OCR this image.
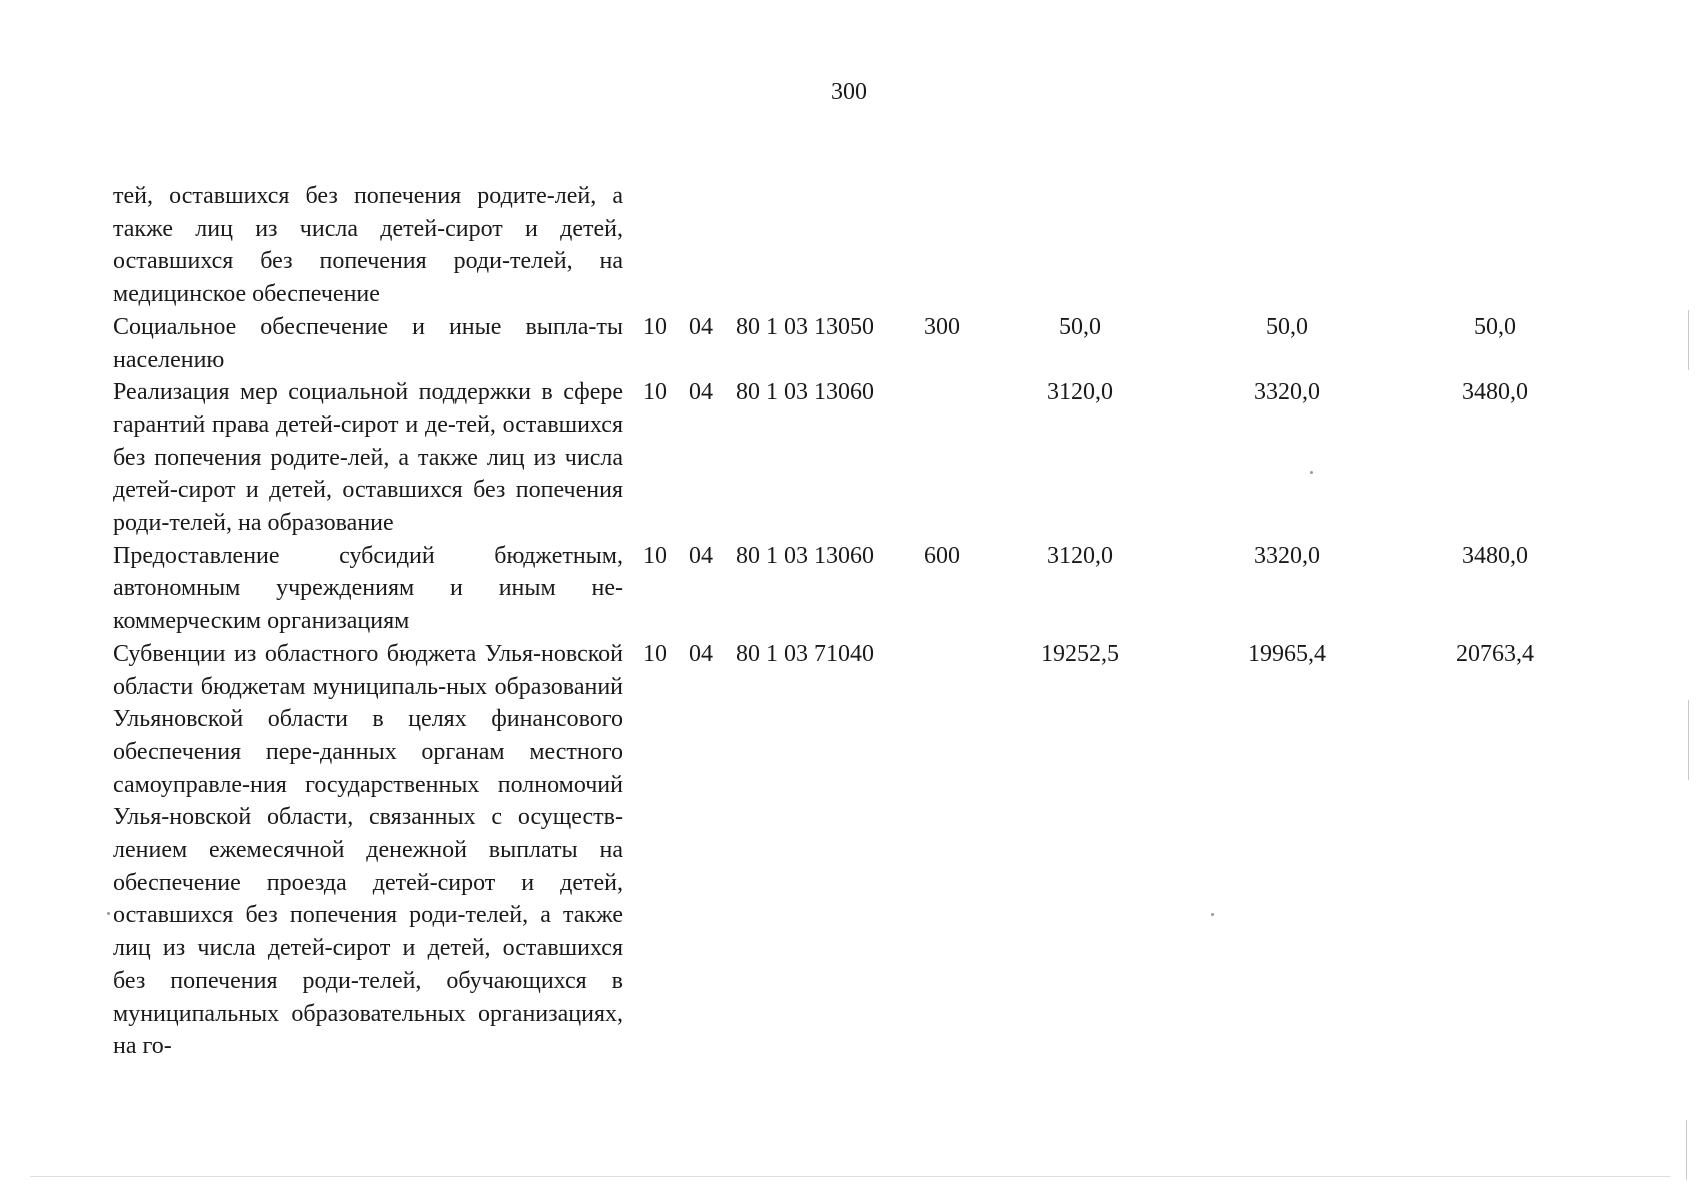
300
тей, оставшихся без попечения родите-лей, а также лиц из числа детей-сирот и детей, оставшихся без попечения роди-телей, на медицинское обеспечение
Социальное обеспечение и иные выпла-ты населению
10 04 80 1 03 13050 300	50,0	50,0	50,0
Реализация мер социальной поддержки в сфере гарантий права детей-сирот и де-тей, оставшихся без попечения родите-лей, а также лиц из числа детей-сирот и детей, оставшихся без попечения роди-телей, на образование
10 04 80 1 03 13060	3120,0	3320,0	3480,0
Предоставление субсидий бюджетным, автономным учреждениям и иным не-коммерческим организациям
10 04 80 1 03 13060 600	3120,0	3320,0	3480,0
Субвенции из областного бюджета Улья-новской области бюджетам муниципаль-ных образований Ульяновской области в целях финансового обеспечения пере-данных органам местного самоуправле-ния государственных полномочий Улья-новской области, связанных с осуществ-лением ежемесячной денежной выплаты на обеспечение проезда детей-сирот и детей, оставшихся без попечения роди-телей, а также лиц из числа детей-сирот и детей, оставшихся без попечения роди-телей, обучающихся в муниципальных образовательных организациях, на го-
10 04 80 1 03 71040	19252,5	19965,4	20763,4
